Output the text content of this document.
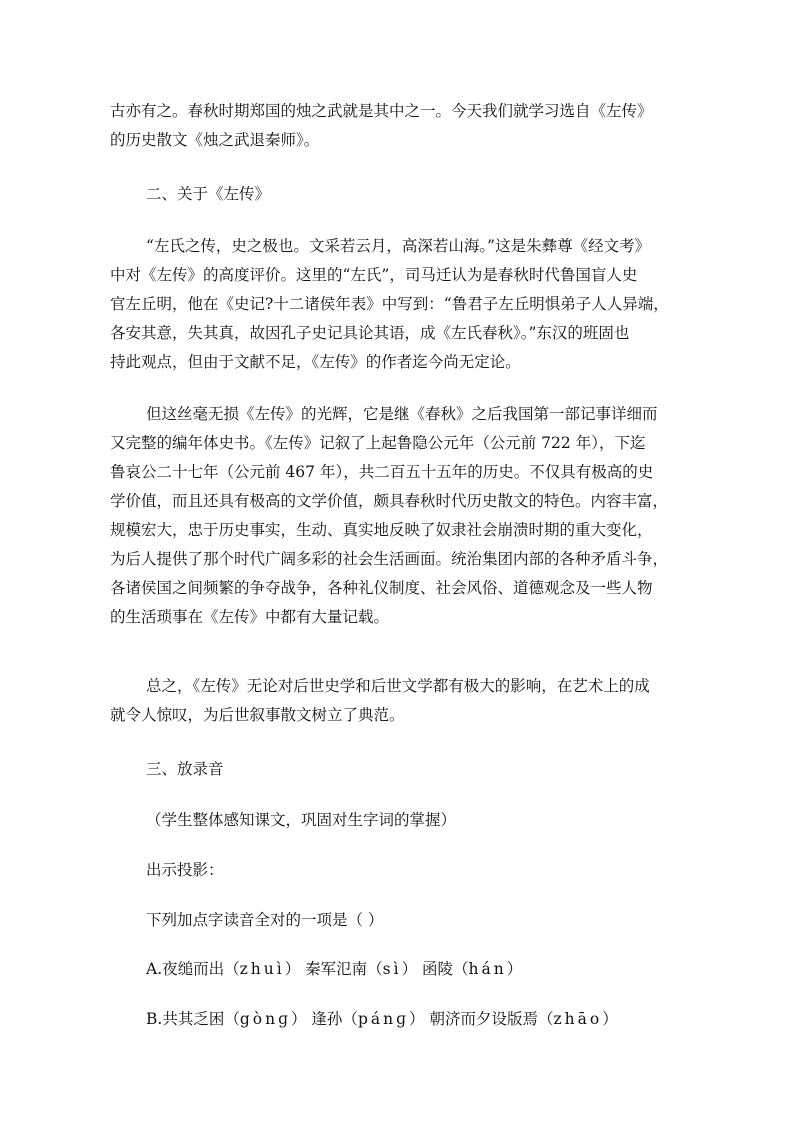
古亦有之。春秋时期郑国的烛之武就是其中之一。今天我们就学习选自《左传》
的历史散文《烛之武退秦师》。

二、关于《左传》

“左氏之传，史之极也。文采若云月，高深若山海。”这是朱彝尊《经文考》
中对《左传》的高度评价。这里的“左氏”，司马迁认为是春秋时代鲁国盲人史
官左丘明，他在《史记?十二诸侯年表》中写到：“鲁君子左丘明惧弟子人人异端，
各安其意，失其真，故因孔子史记具论其语，成《左氏春秋》。”东汉的班固也
持此观点，但由于文献不足，《左传》的作者迄今尚无定论。

但这丝毫无损《左传》的光辉，它是继《春秋》之后我国第一部记事详细而
又完整的编年体史书。《左传》记叙了上起鲁隐公元年（公元前 722 年），下迄
鲁哀公二十七年（公元前 467 年），共二百五十五年的历史。不仅具有极高的史
学价值，而且还具有极高的文学价值，颇具春秋时代历史散文的特色。内容丰富，
规模宏大，忠于历史事实，生动、真实地反映了奴隶社会崩溃时期的重大变化，
为后人提供了那个时代广阔多彩的社会生活画面。统治集团内部的各种矛盾斗争，
各诸侯国之间频繁的争夺战争，各种礼仪制度、社会风俗、道德观念及一些人物
的生活琐事在《左传》中都有大量记载。

总之，《左传》无论对后世史学和后世文学都有极大的影响，在艺术上的成
就令人惊叹，为后世叙事散文树立了典范。

三、放录音

（学生整体感知课文，巩固对生字词的掌握）

出示投影：

下列加点字读音全对的一项是（ ）

A.夜缒而出（zhuì） 秦军氾南（sì） 函陵（hán）

B.共其乏困（gònɡ） 逢孙（pánɡ） 朝济而夕设版焉（zhāo）
